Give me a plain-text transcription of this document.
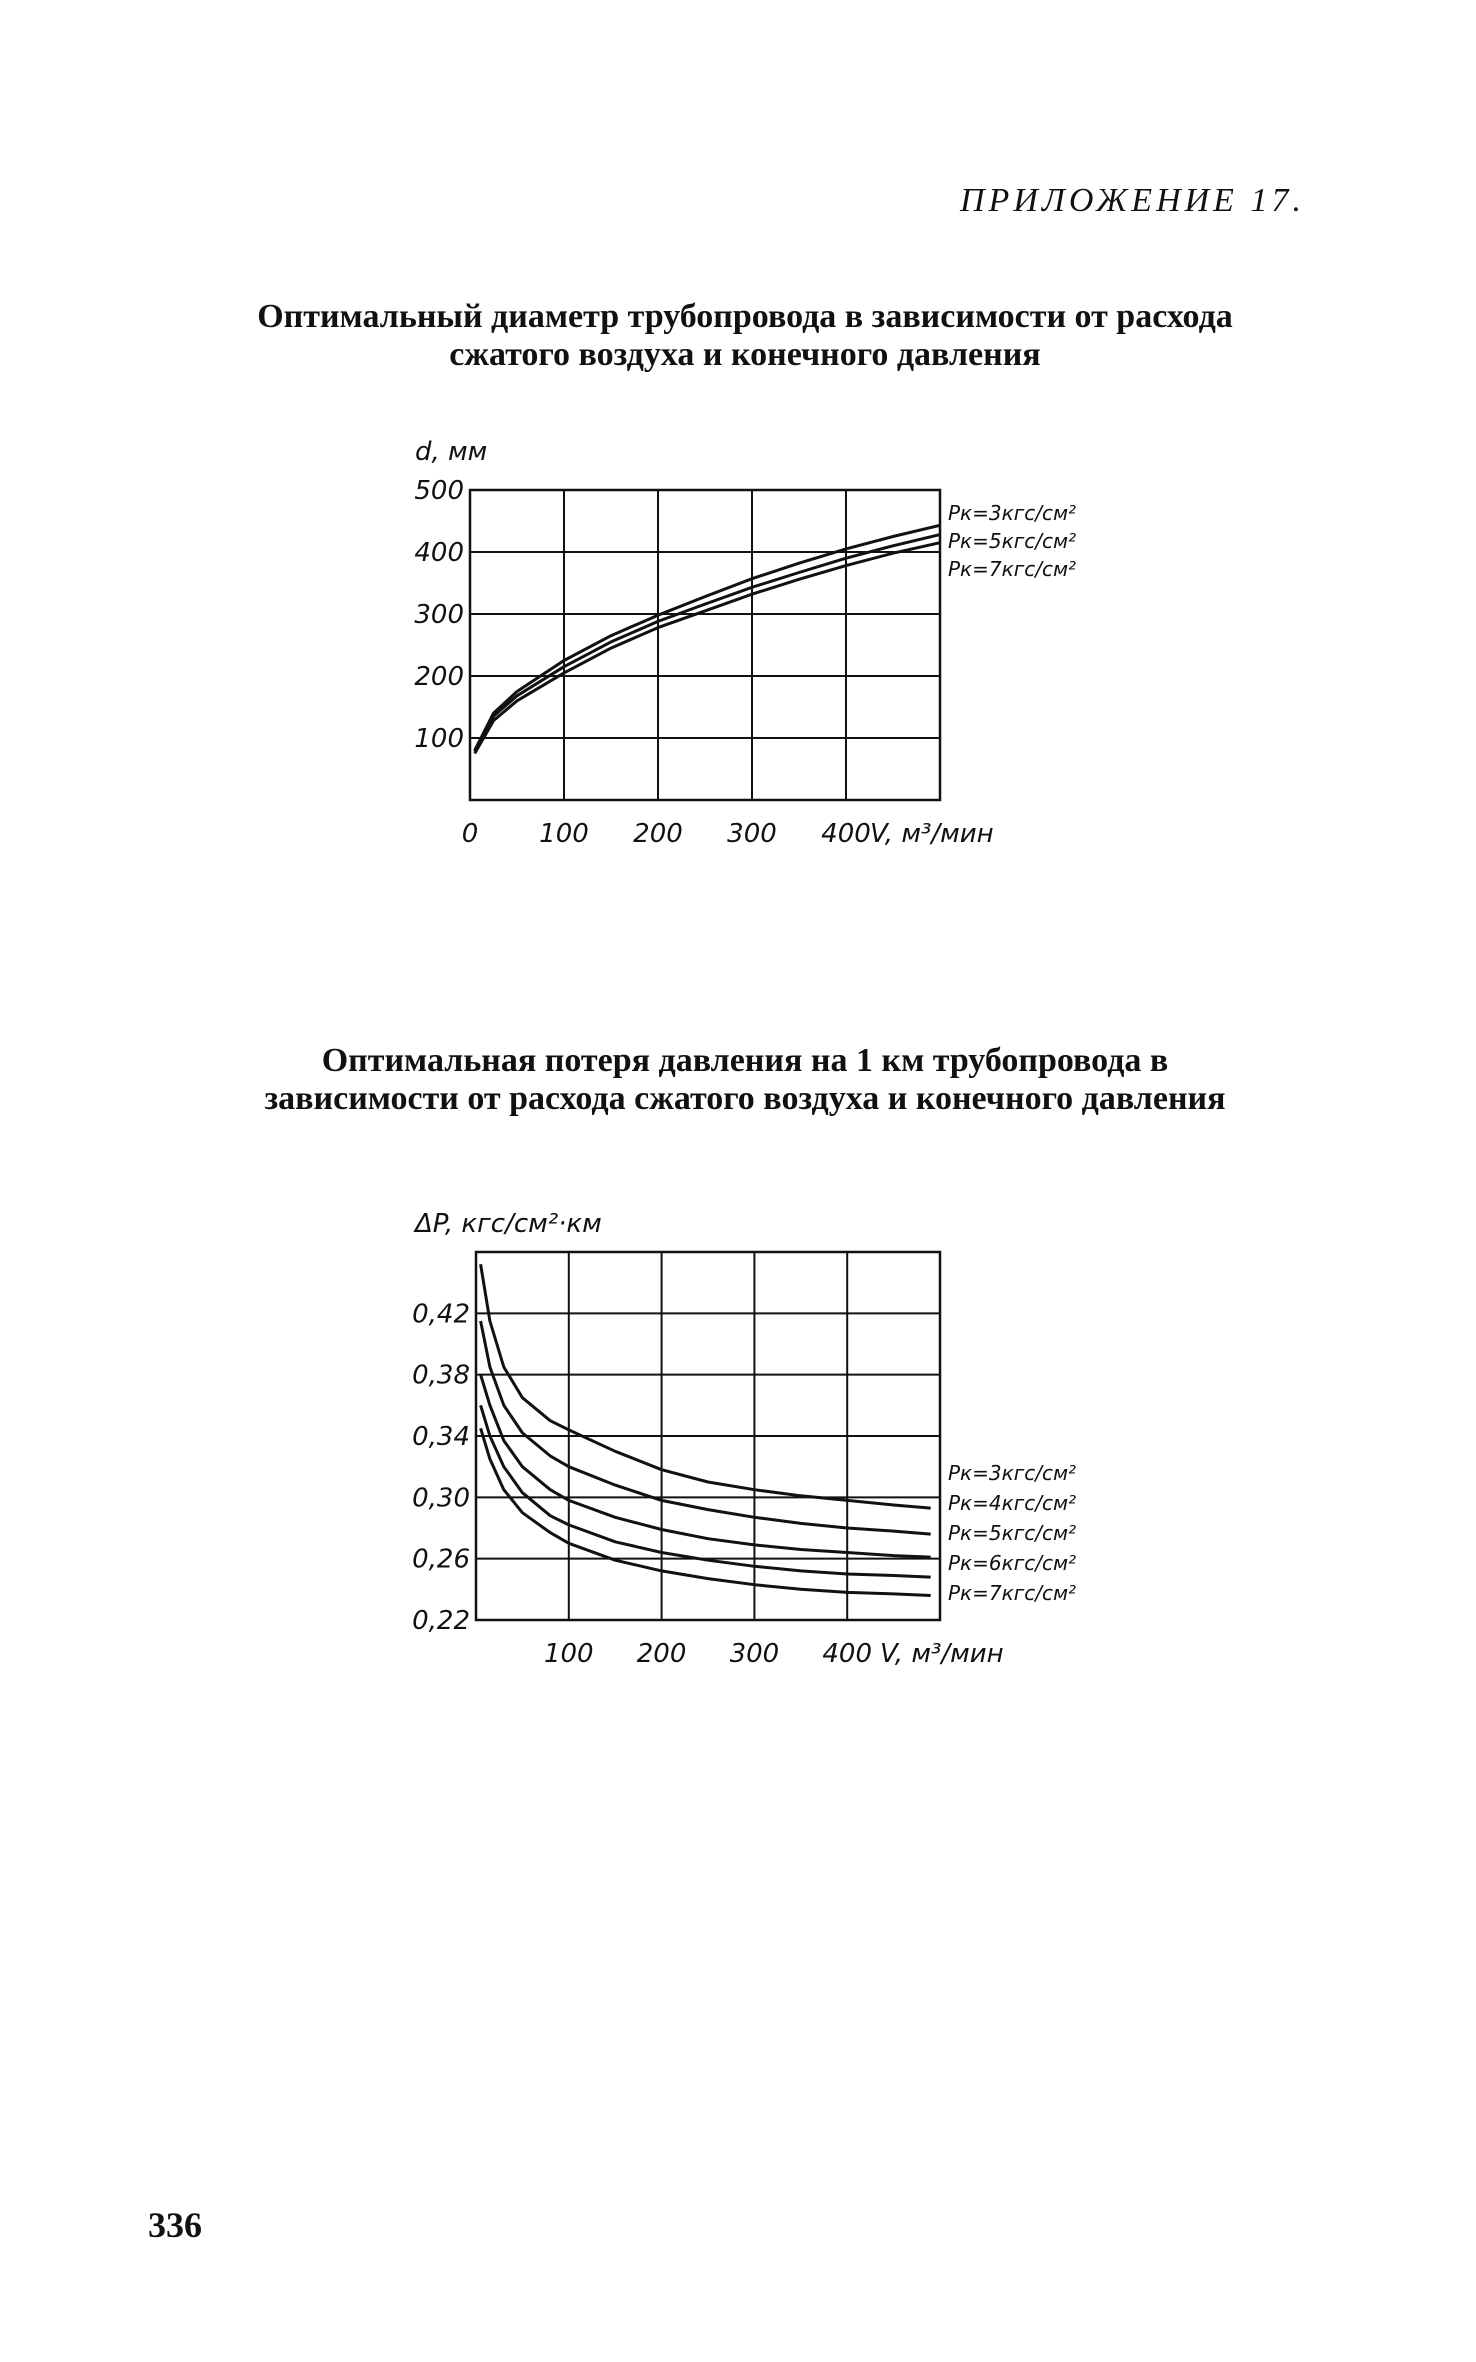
ПРИЛОЖЕНИЕ 17.
Оптимальный диаметр трубопровода в зависимости от расхода
сжатого воздуха и конечного давления
0 100 200 300 400
100
200
300
400
500
d, мм
V, м³/мин
Pк=3кгс/см²
Pк=5кгс/см²
Pк=7кгс/см²
Оптимальная потеря давления на 1 км трубопровода в
зависимости от расхода сжатого воздуха и конечного давления
100 200 300 400
0,22
0,26
0,30
0,34
0,38
0,42
ΔP, кгс/см²·км
V, м³/мин
Pк=3кгс/см²
Pк=4кгс/см²
Pк=5кгс/см²
Pк=6кгс/см²
Pк=7кгс/см²
336
